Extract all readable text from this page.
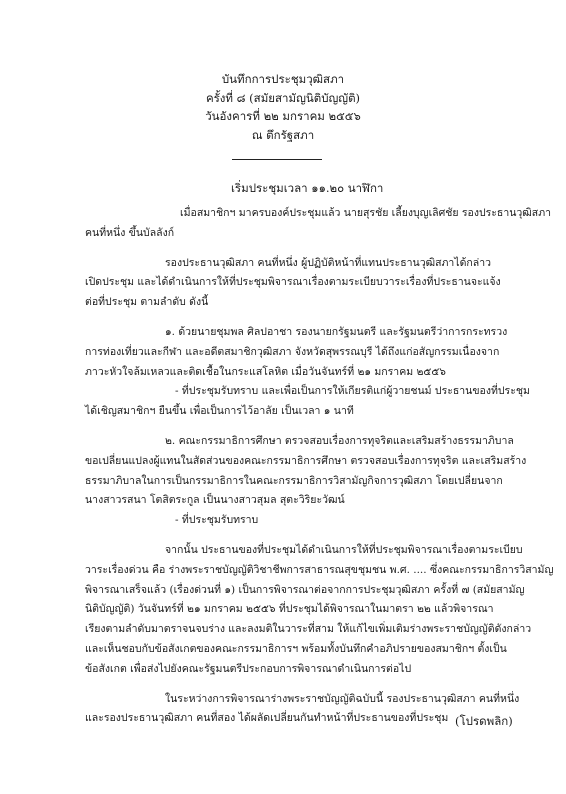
บันทึกการประชุมวุฒิสภา
ครั้งที่ ๘ (สมัยสามัญนิติบัญญัติ)
วันอังคารที่ ๒๒ มกราคม ๒๕๕๖
ณ ตึกรัฐสภา
เริ่มประชุมเวลา ๑๑.๒๐ นาฬิกา
เมื่อสมาชิกฯ มาครบองค์ประชุมแล้ว นายสุรชัย เลี้ยงบุญเลิศชัย รองประธานวุฒิสภา
คนที่หนึ่ง ขึ้นบัลลังก์
รองประธานวุฒิสภา คนที่หนึ่ง ผู้ปฏิบัติหน้าที่แทนประธานวุฒิสภาได้กล่าว
เปิดประชุม และได้ดำเนินการให้ที่ประชุมพิจารณาเรื่องตามระเบียบวาระเรื่องที่ประธานจะแจ้ง
ต่อที่ประชุม ตามลำดับ ดังนี้
๑. ด้วยนายชุมพล ศิลปอาชา รองนายกรัฐมนตรี และรัฐมนตรีว่าการกระทรวง
การท่องเที่ยวและกีฬา และอดีตสมาชิกวุฒิสภา จังหวัดสุพรรณบุรี ได้ถึงแก่อสัญกรรมเนื่องจาก
ภาวะหัวใจล้มเหลวและติดเชื้อในกระแสโลหิต เมื่อวันจันทร์ที่ ๒๑ มกราคม ๒๕๕๖
- ที่ประชุมรับทราบ และเพื่อเป็นการให้เกียรติแก่ผู้วายชนม์ ประธานของที่ประชุม
ได้เชิญสมาชิกฯ ยืนขึ้น เพื่อเป็นการไว้อาลัย เป็นเวลา ๑ นาที
๒. คณะกรรมาธิการศึกษา ตรวจสอบเรื่องการทุจริตและเสริมสร้างธรรมาภิบาล
ขอเปลี่ยนแปลงผู้แทนในสัดส่วนของคณะกรรมาธิการศึกษา ตรวจสอบเรื่องการทุจริต และเสริมสร้าง
ธรรมาภิบาลในการเป็นกรรมาธิการในคณะกรรมาธิการวิสามัญกิจการวุฒิสภา โดยเปลี่ยนจาก
นางสาวรสนา โตสิตระกูล เป็นนางสาวสุมล สุตะวิริยะวัฒน์
- ที่ประชุมรับทราบ
จากนั้น ประธานของที่ประชุมได้ดำเนินการให้ที่ประชุมพิจารณาเรื่องตามระเบียบ
วาระเรื่องด่วน คือ ร่างพระราชบัญญัติวิชาชีพการสาธารณสุขชุมชน พ.ศ. .... ซึ่งคณะกรรมาธิการวิสามัญ
พิจารณาเสร็จแล้ว (เรื่องด่วนที่ ๑) เป็นการพิจารณาต่อจากการประชุมวุฒิสภา ครั้งที่ ๗ (สมัยสามัญ
นิติบัญญัติ) วันจันทร์ที่ ๒๑ มกราคม ๒๕๕๖ ที่ประชุมได้พิจารณาในมาตรา ๒๒ แล้วพิจารณา
เรียงตามลำดับมาตราจนจบร่าง และลงมติในวาระที่สาม ให้แก้ไขเพิ่มเติมร่างพระราชบัญญัติดังกล่าว
และเห็นชอบกับข้อสังเกตของคณะกรรมาธิการฯ พร้อมทั้งบันทึกคำอภิปรายของสมาชิกฯ ตั้งเป็น
ข้อสังเกต เพื่อส่งไปยังคณะรัฐมนตรีประกอบการพิจารณาดำเนินการต่อไป
ในระหว่างการพิจารณาร่างพระราชบัญญัติฉบับนี้ รองประธานวุฒิสภา คนที่หนึ่ง
และรองประธานวุฒิสภา คนที่สอง ได้ผลัดเปลี่ยนกันทำหน้าที่ประธานของที่ประชุม (โปรดพลิก)
